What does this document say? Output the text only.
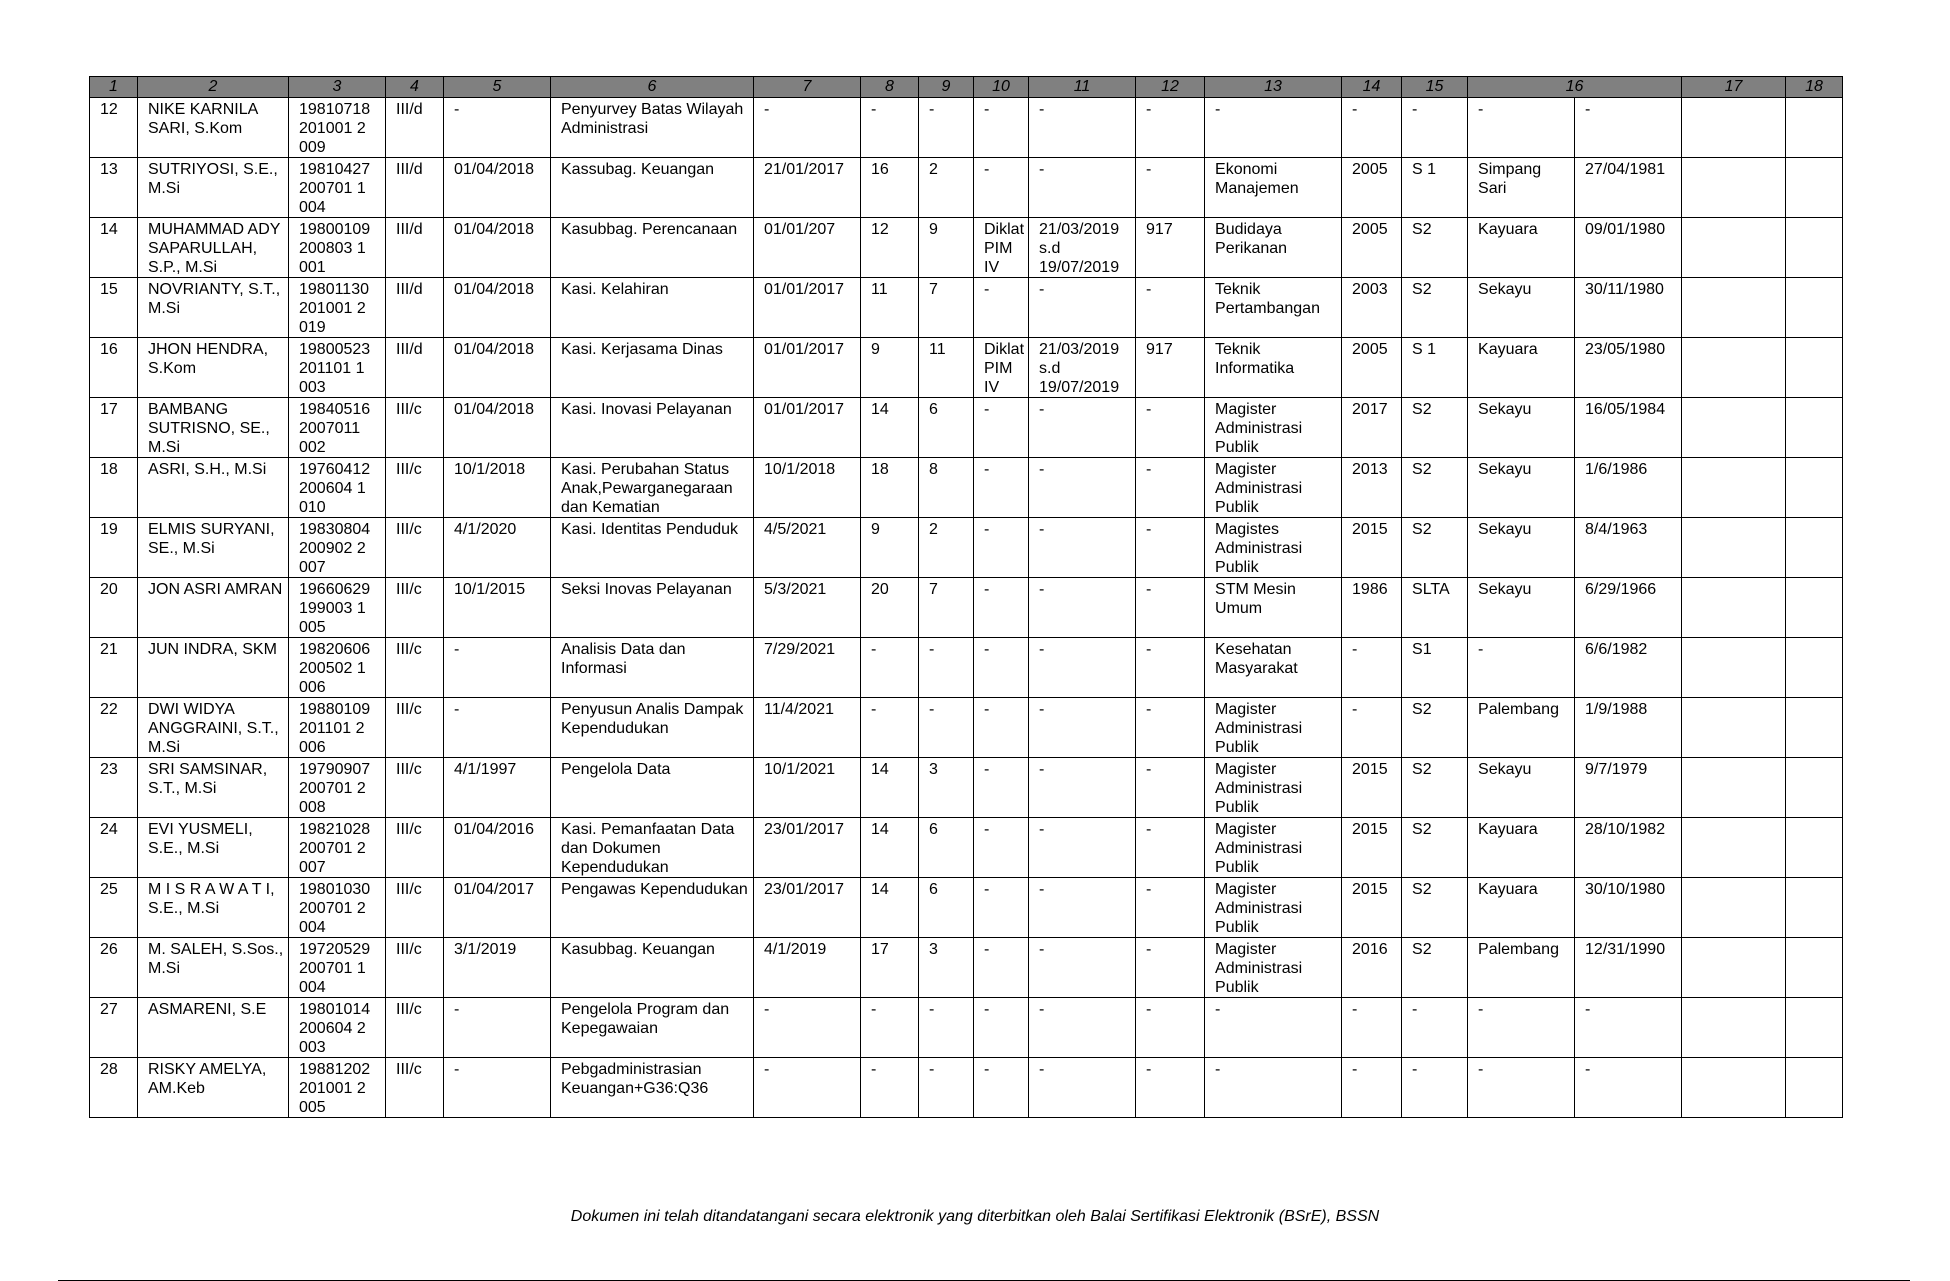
1	2	3	4	5	6	7	8	9	10	11	12	13	14	15	16		17	18
12	NIKE KARNILA SARI, S.Kom	19810718 201001 2 009	III/d	-	Penyurvey Batas Wilayah Administrasi	-	-	-	-	-	-	-	-	-	-	-		
13	SUTRIYOSI, S.E., M.Si	19810427 200701 1 004	III/d	01/04/2018	Kassubag. Keuangan	21/01/2017	16	2	-	-	-	Ekonomi Manajemen	2005	S 1	Simpang Sari	27/04/1981		
14	MUHAMMAD ADY SAPARULLAH, S.P., M.Si	19800109 200803 1 001	III/d	01/04/2018	Kasubbag. Perencanaan	01/01/207	12	9	Diklat PIM IV	21/03/2019 s.d 19/07/2019	917	Budidaya Perikanan	2005	S2	Kayuara	09/01/1980		
15	NOVRIANTY, S.T., M.Si	19801130 201001 2 019	III/d	01/04/2018	Kasi. Kelahiran	01/01/2017	11	7	-	-	-	Teknik Pertambangan	2003	S2	Sekayu	30/11/1980		
16	JHON HENDRA, S.Kom	19800523 201101 1 003	III/d	01/04/2018	Kasi. Kerjasama Dinas	01/01/2017	9	11	Diklat PIM IV	21/03/2019 s.d 19/07/2019	917	Teknik Informatika	2005	S 1	Kayuara	23/05/1980		
17	BAMBANG SUTRISNO, SE., M.Si	19840516 2007011 002	III/c	01/04/2018	Kasi. Inovasi Pelayanan	01/01/2017	14	6	-	-	-	Magister Administrasi Publik	2017	S2	Sekayu	16/05/1984		
18	ASRI, S.H., M.Si	19760412 200604 1 010	III/c	10/1/2018	Kasi. Perubahan Status Anak,Pewarganegaraan dan Kematian	10/1/2018	18	8	-	-	-	Magister Administrasi Publik	2013	S2	Sekayu	1/6/1986		
19	ELMIS SURYANI, SE., M.Si	19830804 200902 2 007	III/c	4/1/2020	Kasi. Identitas Penduduk	4/5/2021	9	2	-	-	-	Magistes Administrasi Publik	2015	S2	Sekayu	8/4/1963		
20	JON ASRI AMRAN	19660629 199003 1 005	III/c	10/1/2015	Seksi Inovas Pelayanan	5/3/2021	20	7	-	-	-	STM Mesin Umum	1986	SLTA	Sekayu	6/29/1966		
21	JUN INDRA, SKM	19820606 200502 1 006	III/c	-	Analisis Data dan Informasi	7/29/2021	-	-	-	-	-	Kesehatan Masyarakat	-	S1	-	6/6/1982		
22	DWI WIDYA ANGGRAINI, S.T., M.Si	19880109 201101 2 006	III/c	-	Penyusun Analis Dampak Kependudukan	11/4/2021	-	-	-	-	-	Magister Administrasi Publik	-	S2	Palembang	1/9/1988		
23	SRI SAMSINAR, S.T., M.Si	19790907 200701 2 008	III/c	4/1/1997	Pengelola Data	10/1/2021	14	3	-	-	-	Magister Administrasi Publik	2015	S2	Sekayu	9/7/1979		
24	EVI YUSMELI, S.E., M.Si	19821028 200701 2 007	III/c	01/04/2016	Kasi. Pemanfaatan Data dan Dokumen Kependudukan	23/01/2017	14	6	-	-	-	Magister Administrasi Publik	2015	S2	Kayuara	28/10/1982		
25	M I S R A W A T I, S.E., M.Si	19801030 200701 2 004	III/c	01/04/2017	Pengawas Kependudukan	23/01/2017	14	6	-	-	-	Magister Administrasi Publik	2015	S2	Kayuara	30/10/1980		
26	M. SALEH, S.Sos., M.Si	19720529 200701 1 004	III/c	3/1/2019	Kasubbag. Keuangan	4/1/2019	17	3	-	-	-	Magister Administrasi Publik	2016	S2	Palembang	12/31/1990		
27	ASMARENI, S.E	19801014 200604 2 003	III/c	-	Pengelola Program dan Kepegawaian	-	-	-	-	-	-	-	-	-	-	-		
28	RISKY AMELYA, AM.Keb	19881202 201001 2 005	III/c	-	Pebgadministrasian Keuangan+G36:Q36	-	-	-	-	-	-	-	-	-	-	-		
Dokumen ini telah ditandatangani secara elektronik yang diterbitkan oleh Balai Sertifikasi Elektronik (BSrE), BSSN
